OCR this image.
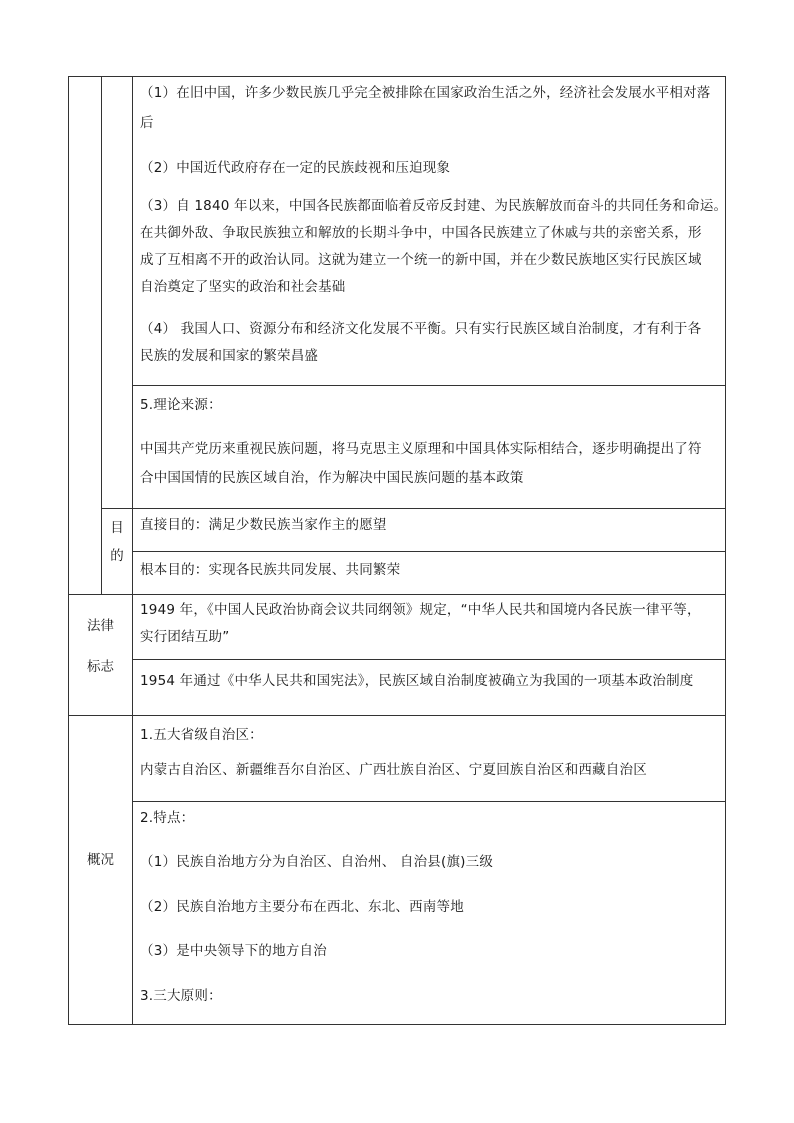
（1）在旧中国，许多少数民族几乎完全被排除在国家政治生活之外，经济社会发展水平相对落
后
（2）中国近代政府存在一定的民族歧视和压迫现象
（3）自 1840 年以来，中国各民族都面临着反帝反封建、为民族解放而奋斗的共同任务和命运。
在共御外敌、争取民族独立和解放的长期斗争中，中国各民族建立了休戚与共的亲密关系，形
成了互相离不开的政治认同。这就为建立一个统一的新中国，并在少数民族地区实行民族区域
自治奠定了坚实的政治和社会基础
（4） 我国人口、资源分布和经济文化发展不平衡。只有实行民族区域自治制度，才有利于各
民族的发展和国家的繁荣昌盛
5.理论来源：
中国共产党历来重视民族问题，将马克思主义原理和中国具体实际相结合，逐步明确提出了符
合中国国情的民族区域自治，作为解决中国民族问题的基本政策
目
的
直接目的：满足少数民族当家作主的愿望
根本目的：实现各民族共同发展、共同繁荣
法律
标志
1949 年，《中国人民政治协商会议共同纲领》规定，“中华人民共和国境内各民族一律平等，
实行团结互助”
1954 年通过《中华人民共和国宪法》，民族区域自治制度被确立为我国的一项基本政治制度
概况
1.五大省级自治区：
内蒙古自治区、新疆维吾尔自治区、广西壮族自治区、宁夏回族自治区和西藏自治区
2.特点：
（1）民族自治地方分为自治区、自治州、 自治县(旗)三级
（2）民族自治地方主要分布在西北、东北、西南等地
（3）是中央领导下的地方自治
3.三大原则：
